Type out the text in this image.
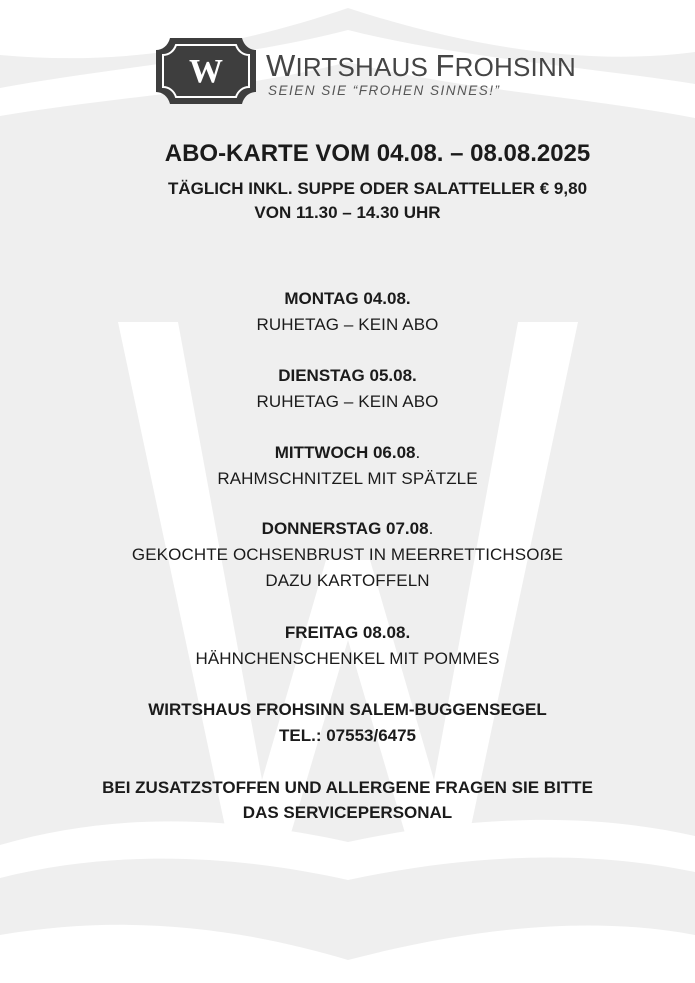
W WIRTSHAUS FROHSINN

SEIEN SIE “FROHEN SINNES!”

ABO-KARTE VOM 04.08. – 08.08.2025
TÄGLICH INKL. SUPPE ODER SALATTELLER € 9,80
VON 11.30 – 14.30 UHR
MONTAG 04.08.
RUHETAG – KEIN ABO
DIENSTAG 05.08.
RUHETAG – KEIN ABO
MITTWOCH 06.08.
RAHMSCHNITZEL MIT SPÄTZLE
DONNERSTAG 07.08.
GEKOCHTE OCHSENBRUST IN MEERRETTICHSOẞE
DAZU KARTOFFELN
FREITAG 08.08.
HÄHNCHENSCHENKEL MIT POMMES
WIRTSHAUS FROHSINN SALEM-BUGGENSEGEL
TEL.: 07553/6475
BEI ZUSATZSTOFFEN UND ALLERGENE FRAGEN SIE BITTE
DAS SERVICEPERSONAL
